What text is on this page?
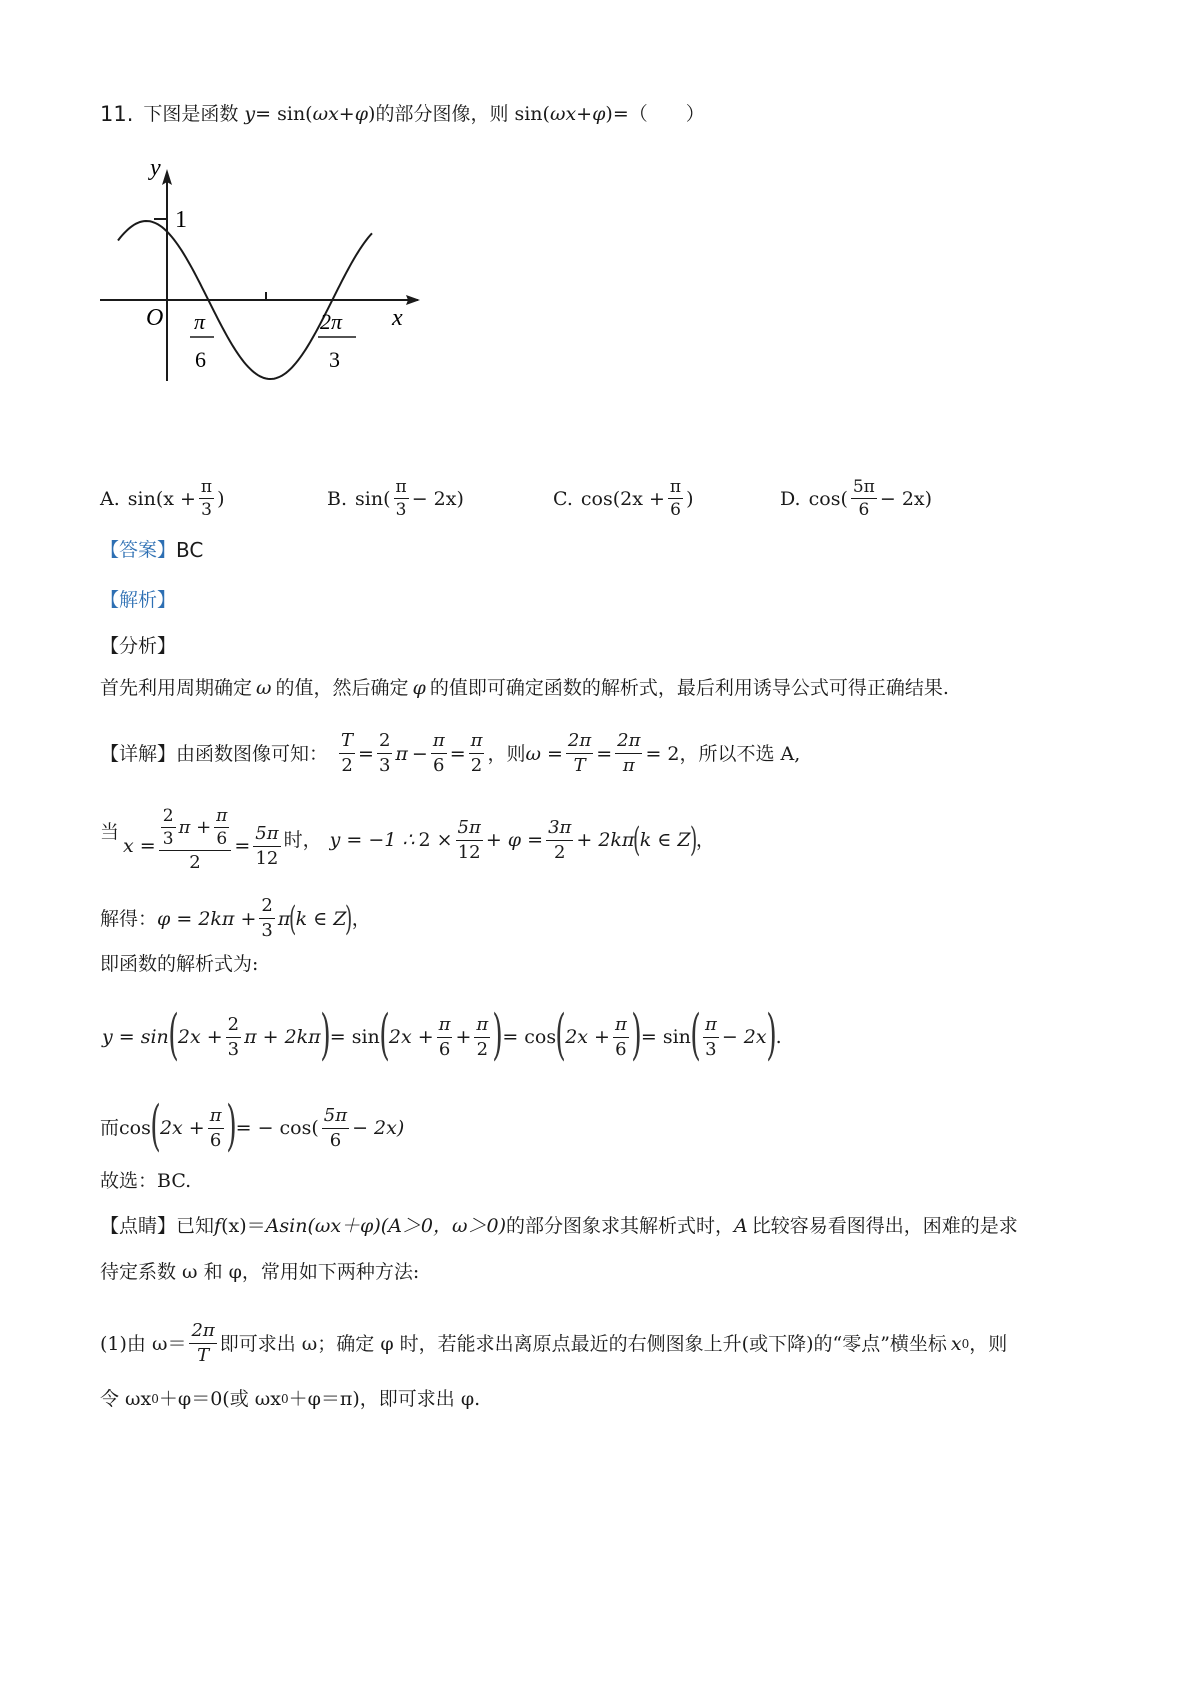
11. 下图是函数 y = sin( ωx+φ )的部分图像，则 sin( ωx+φ )=（　　）
y
x
O
1
π
6
2π
3
A. $\sin(x + \frac{\pi}{3}$ )	B. $\sin( \frac{\pi}{3} - 2x)$	C. $\cos(2x + \frac{\pi}{6}$ )	D. $\cos( \frac{5\pi}{6} - 2x)$
【答案】 BC
【解析】
【分析】
首先利用周期确定 ω 的值，然后确定 φ 的值即可确定函数的解析式，最后利用诱导公式可得正确结果.
【详解】 由函数图像可知： $\frac{T}{2} = \frac{2}{3}$ $\pi - \frac{\pi}{6} = \frac{\pi}{2}$ ，则 $\omega = \frac{2\pi}{T} = \frac{2\pi}{\pi} = 2$ ，所以不选 A,
当
$x = \frac{\frac{2}{3} \pi + \frac{\pi}{6}}{2} = \frac{5\pi}{12}$ 时， y = −1 ∴ $2 \times \frac{5\pi}{12} + \varphi = \frac{3\pi}{2} + 2k\pi$
(
k ∈ Z
)
，
解得： $\varphi = 2k\pi + \frac{2}{3}$ π
(
k ∈ Z
)
，
即函数的解析式为:
y = sin ( $2x + \frac{2}{3}$ π + 2kπ ) = sin ( $2x + \frac{\pi}{6} + \frac{\pi}{2}$ ) = cos ( $2x + \frac{\pi}{6}$ ) = sin ( $\frac{\pi}{3} - 2x$ ) .
而 cos ( $2x + \frac{\pi}{6}$ ) = − $\cos( \frac{5\pi}{6} - 2x)$
故选：BC.
【点睛】 已知 f (x) ＝ A sin(ωx＋φ)(A＞0，ω＞0) 的部分图象求其解析式时， A 比较容易看图得出，困难的是求
待定系数 ω 和 φ，常用如下两种方法:
(1)由 $\omega= \frac{2\pi}{T}$ 即可求出 ω；确定 φ 时，若能求出离原点最近的右侧图象上升(或下降)的“零点”横坐标 x 0 ，则
令 ωx 0 ＋φ＝0(或 ωx 0 ＋φ＝π)，即可求出 φ.
